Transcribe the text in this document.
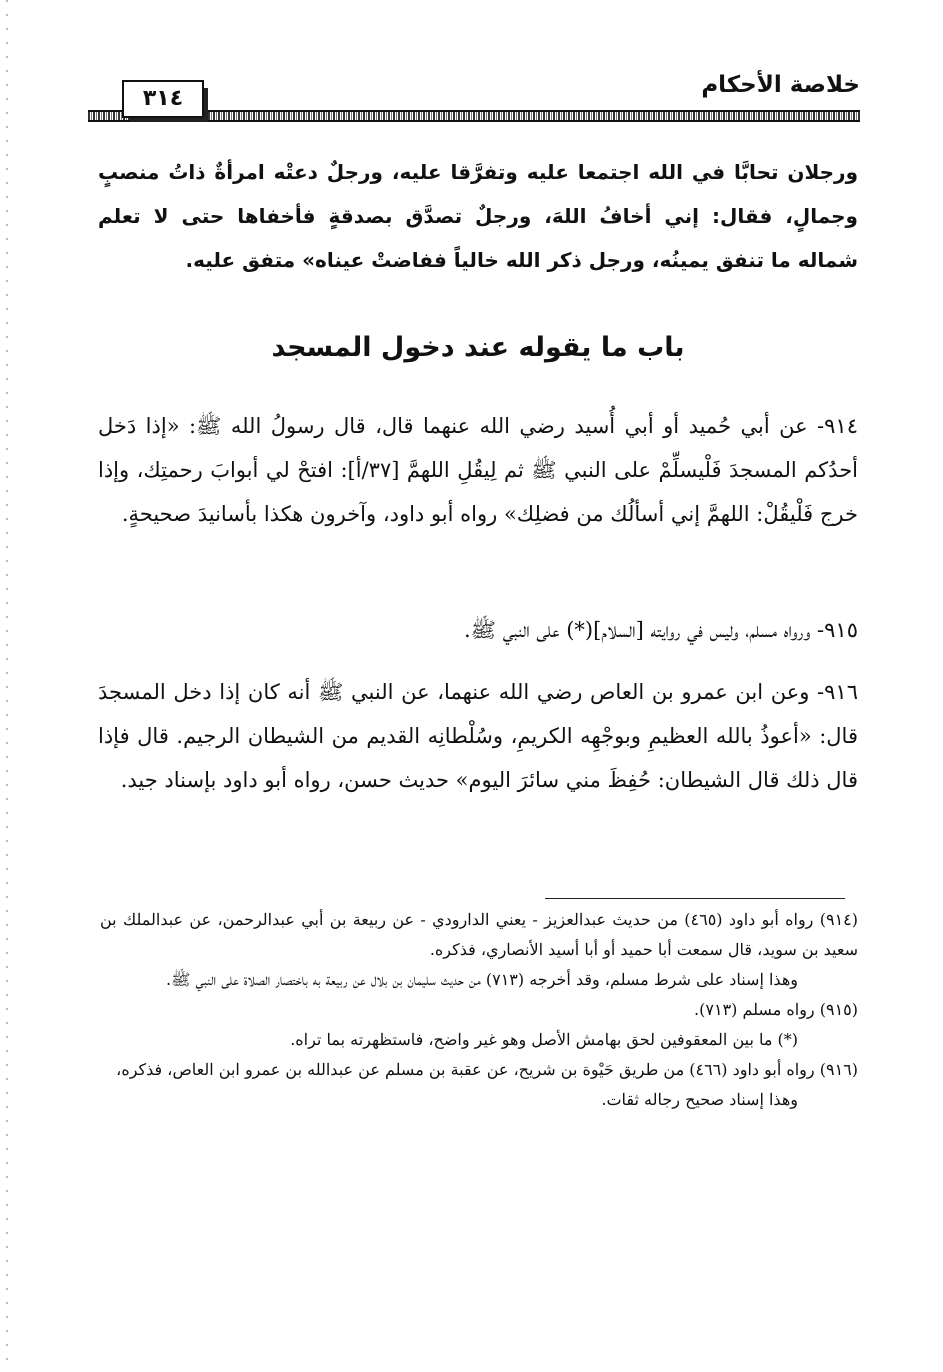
خلاصة الأحكام
٣١٤

ورجلان تحابَّا في الله اجتمعا عليه وتفرَّقا عليه، ورجلٌ دعتْه امرأةٌ ذاتُ منصبٍ وجمالٍ، فقال: إني أخافُ اللهَ، ورجلٌ تصدَّق بصدقةٍ فأخفاها حتى لا تعلم شماله ما تنفق يمينُه، ورجل ذكر الله خالياً ففاضتْ عيناه» متفق عليه.

باب ما يقوله عند دخول المسجد

٩١٤- عن أبي حُميد أو أبي أُسيد رضي الله عنهما قال، قال رسولُ الله ﷺ: «إذا دَخل أحدُكم المسجدَ فَلْيسلِّمْ على النبي ﷺ ثم لِيقُلِ اللهمَّ [٣٧/أ]: افتحْ لي أبوابَ رحمتِك، وإذا خرج فَلْيقُلْ: اللهمَّ إني أسألُك من فضلِك» رواه أبو داود، وآخرون هكذا بأسانيدَ صحيحةٍ.

٩١٥- ورواه مسلم، وليس في روايته [السلام](*) على النبي ﷺ.

٩١٦- وعن ابن عمرو بن العاص رضي الله عنهما، عن النبي ﷺ أنه كان إذا دخل المسجدَ قال: «أعوذُ بالله العظيمِ وبوجْهِه الكريمِ، وسُلْطانِه القديم من الشيطان الرجيم. قال فإذا قال ذلك قال الشيطان: حُفِظَ مني سائرَ اليوم» حديث حسن، رواه أبو داود بإسناد جيد.

(٩١٤) رواه أبو داود (٤٦٥) من حديث عبدالعزيز - يعني الدارودي - عن ربيعة بن أبي عبدالرحمن، عن عبدالملك بن سعيد بن سويد، قال سمعت أبا حميد أو أبا أسيد الأنصاري، فذكره.

وهذا إسناد على شرط مسلم، وقد أخرجه (٧١٣) من حديث سليمان بن بلال عن ربيعة به باختصار الصلاة على النبي ﷺ.

(٩١٥) رواه مسلم (٧١٣).

(*) ما بين المعقوفين لحق بهامش الأصل وهو غير واضح، فاستظهرته بما تراه.

(٩١٦) رواه أبو داود (٤٦٦) من طريق حَيْوة بن شريح، عن عقبة بن مسلم عن عبدالله بن عمرو ابن العاص، فذكره،

وهذا إسناد صحيح رجاله ثقات.
